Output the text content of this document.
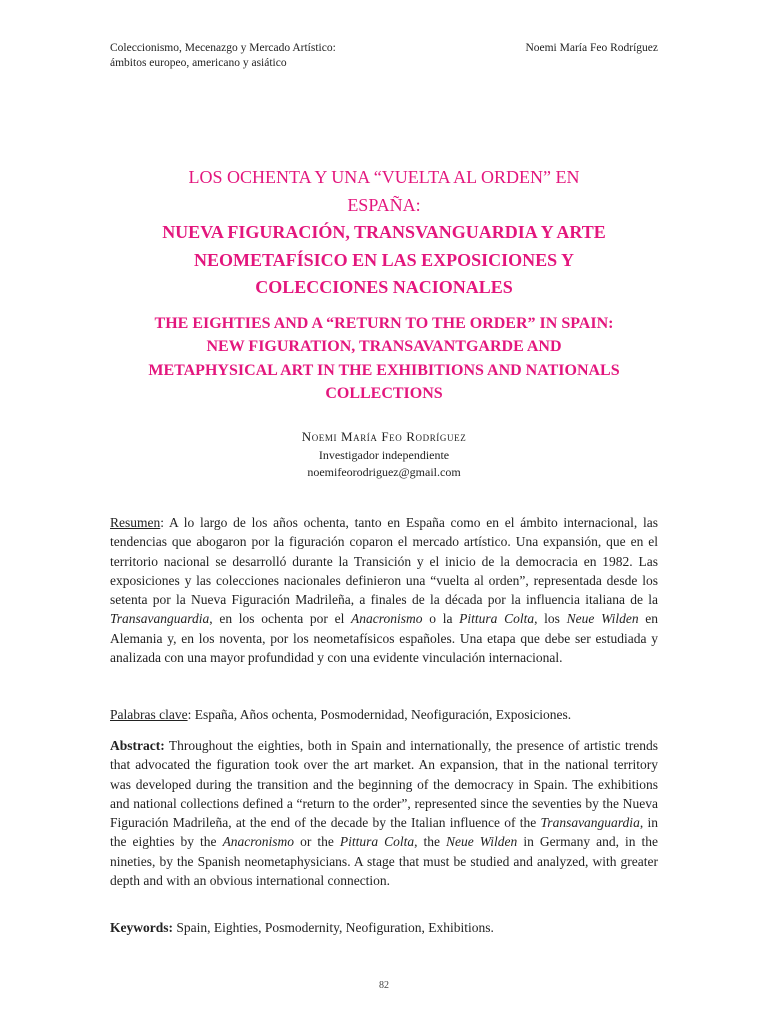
Coleccionismo, Mecenazgo y Mercado Artístico:
ámbitos europeo, americano y asiático
Noemi María Feo Rodríguez
LOS OCHENTA Y UNA “VUELTA AL ORDEN” EN
ESPAÑA:
NUEVA FIGURACIÓN, TRANSVANGUARDIA Y ARTE
NEOMETAFÍSICO EN LAS EXPOSICIONES Y
COLECCIONES NACIONALES
THE EIGHTIES AND A “RETURN TO THE ORDER” IN SPAIN:
NEW FIGURATION, TRANSAVANTGARDE AND
METAPHYSICAL ART IN THE EXHIBITIONS AND NATIONALS
COLLECTIONS
Noemi María Feo Rodríguez
Investigador independiente
noemifeorodriguez@gmail.com

Resumen: A lo largo de los años ochenta, tanto en España como en el ámbito internacional, las tendencias que abogaron por la figuración coparon el mercado artístico. Una expansión, que en el territorio nacional se desarrolló durante la Transición y el inicio de la democracia en 1982. Las exposiciones y las colecciones nacionales definieron una “vuelta al orden”, representada desde los setenta por la Nueva Figuración Madrileña, a finales de la década por la influencia italiana de la Transavanguardia, en los ochenta por el Anacronismo o la Pittura Colta, los Neue Wilden en Alemania y, en los noventa, por los neometafísicos españoles. Una etapa que debe ser estudiada y analizada con una mayor profundidad y con una evidente vinculación internacional.

Palabras clave: España, Años ochenta, Posmodernidad, Neofiguración, Exposiciones.

Abstract: Throughout the eighties, both in Spain and internationally, the presence of artistic trends that advocated the figuration took over the art market. An expansion, that in the national territory was developed during the transition and the beginning of the democracy in Spain. The exhibitions and national collections defined a “return to the order”, represented since the seventies by the Nueva Figuración Madrileña, at the end of the decade by the Italian influence of the Transavanguardia, in the eighties by the Anacronismo or the Pittura Colta, the Neue Wilden in Germany and, in the nineties, by the Spanish neometaphysicians. A stage that must be studied and analyzed, with greater depth and with an obvious international connection.

Keywords: Spain, Eighties, Posmodernity, Neofiguration, Exhibitions.

82
